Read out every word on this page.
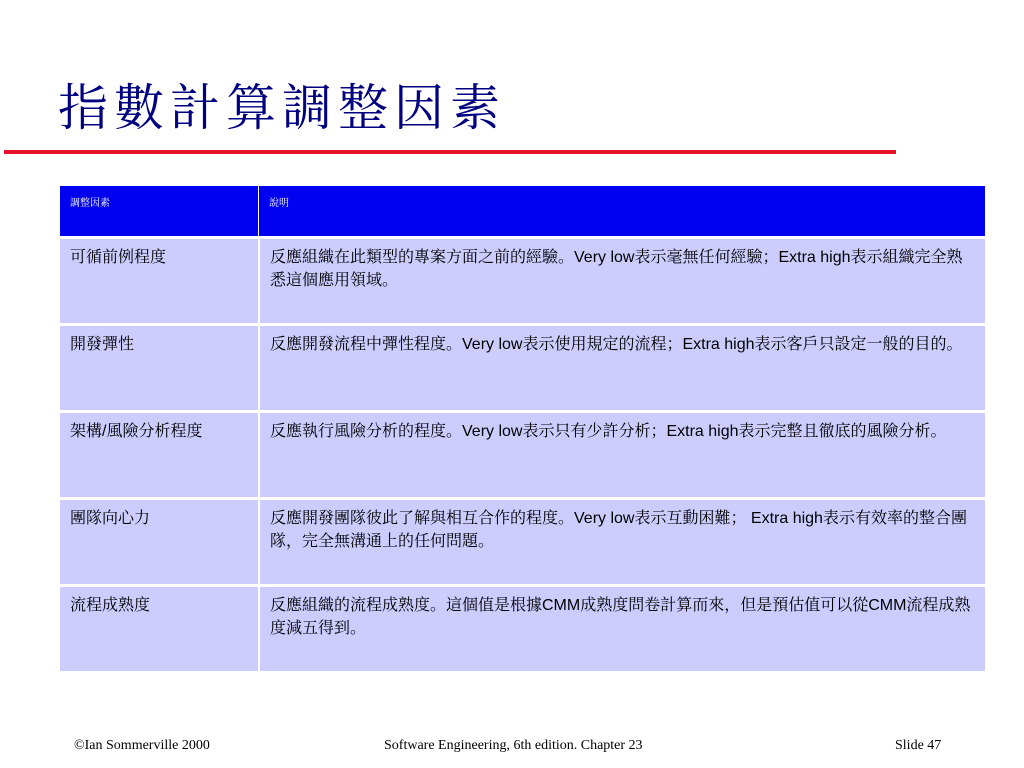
指數計算調整因素
調整因素	說明
可循前例程度	反應組織在此類型的專案方面之前的經驗。Very low表示毫無任何經驗；Extra high表示組織完全熟悉這個應用領域。
開發彈性	反應開發流程中彈性程度。Very low表示使用規定的流程；Extra high表示客戶只設定一般的目的。
架構/風險分析程度	反應執行風險分析的程度。Very low表示只有少許分析；Extra high表示完整且徹底的風險分析。
團隊向心力	反應開發團隊彼此了解與相互合作的程度。Very low表示互動困難； Extra high表示有效率的整合團隊，完全無溝通上的任何問題。
流程成熟度	反應組織的流程成熟度。這個值是根據CMM成熟度問卷計算而來，但是預估值可以從CMM流程成熟度減五得到。
©Ian Sommerville 2000	Software Engineering, 6th edition. Chapter 23	Slide 47
